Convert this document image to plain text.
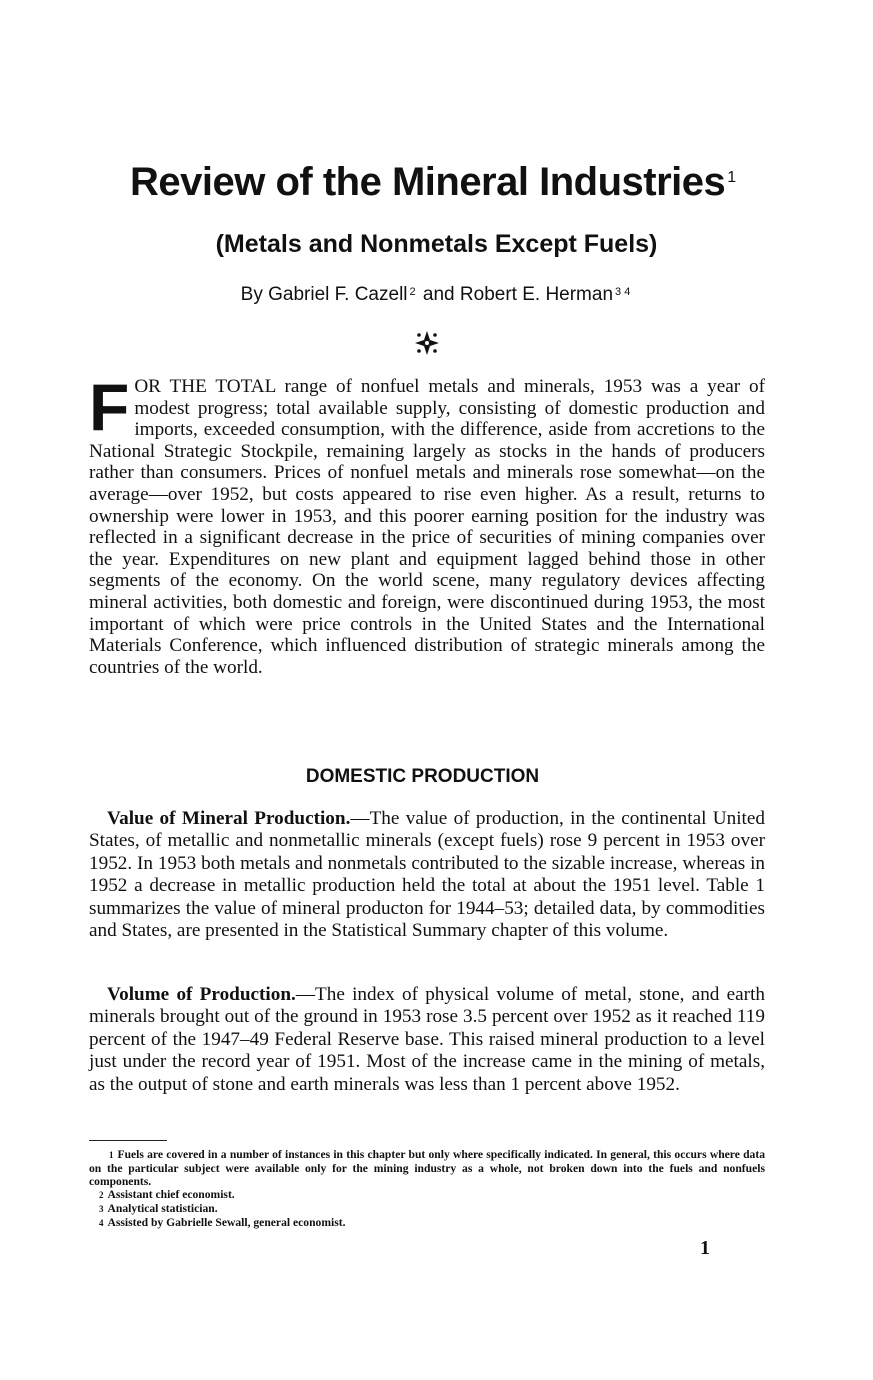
Review of the Mineral Industries $^1$
(Metals and Nonmetals Except Fuels)
By Gabriel F. Cazell $^2$ and Robert E. Herman $^{3 4}$

FOR THE TOTAL range of nonfuel metals and minerals, 1953 was a year of modest progress; total available supply, consisting of domestic production and imports, exceeded consumption, with the difference, aside from accretions to the National Strategic Stockpile, remaining largely as stocks in the hands of producers rather than consumers. Prices of nonfuel metals and minerals rose somewhat—on the average—over 1952, but costs appeared to rise even higher. As a result, returns to ownership were lower in 1953, and this poorer earning position for the industry was reflected in a significant decrease in the price of securities of mining companies over the year. Expenditures on new plant and equipment lagged behind those in other segments of the economy. On the world scene, many regulatory devices affecting mineral activities, both domestic and foreign, were discontinued during 1953, the most important of which were price controls in the United States and the International Materials Conference, which influenced distribution of strategic minerals among the countries of the world.

DOMESTIC PRODUCTION

Value of Mineral Production.—The value of production, in the continental United States, of metallic and nonmetallic minerals (except fuels) rose 9 percent in 1953 over 1952. In 1953 both metals and nonmetals contributed to the sizable increase, whereas in 1952 a decrease in metallic production held the total at about the 1951 level. Table 1 summarizes the value of mineral producton for 1944–53; detailed data, by commodities and States, are presented in the Statistical Summary chapter of this volume.

Volume of Production.—The index of physical volume of metal, stone, and earth minerals brought out of the ground in 1953 rose 3.5 percent over 1952 as it reached 119 percent of the 1947–49 Federal Reserve base. This raised mineral production to a level just under the record year of 1951. Most of the increase came in the mining of metals, as the output of stone and earth minerals was less than 1 percent above 1952.

1 Fuels are covered in a number of instances in this chapter but only where specifically indicated. In general, this occurs where data on the particular subject were available only for the mining industry as a whole, not broken down into the fuels and nonfuels components.

2 Assistant chief economist.

3 Analytical statistician.

4 Assisted by Gabrielle Sewall, general economist.

1
